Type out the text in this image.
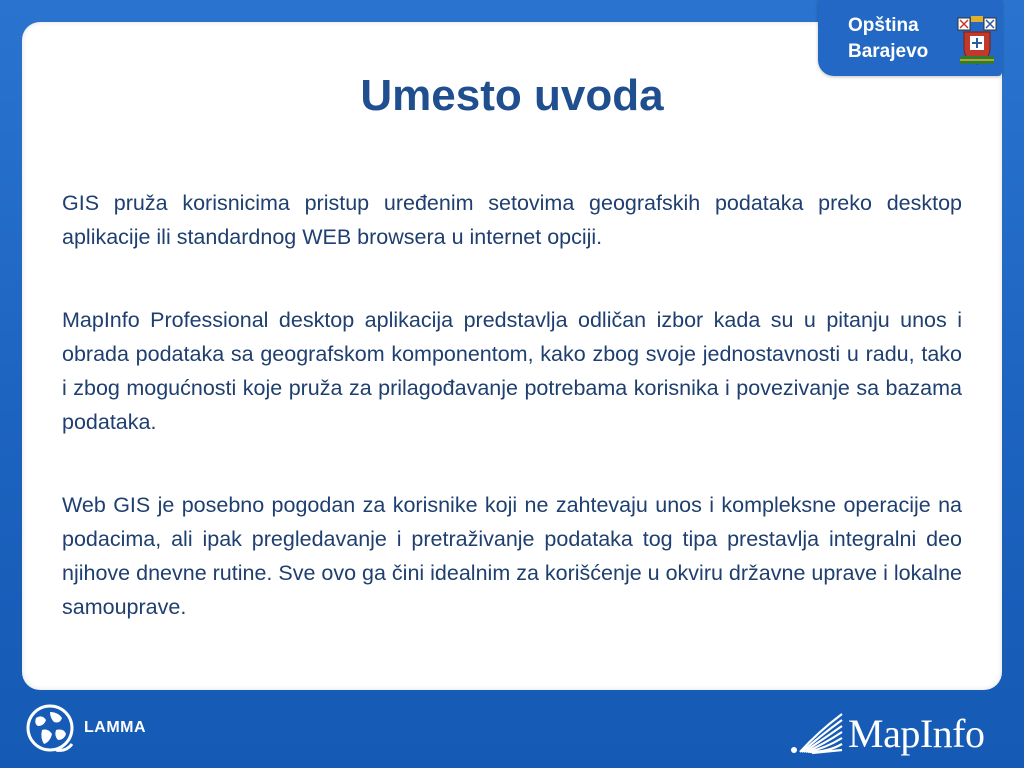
Opština
Barajevo
Umesto uvoda

GIS pruža korisnicima pristup uređenim setovima geografskih podataka preko desktop aplikacije ili standardnog WEB browsera u internet opciji.

MapInfo Professional desktop aplikacija predstavlja odličan izbor kada su u pitanju unos i obrada podataka sa geografskom komponentom, kako zbog svoje jednostavnosti u radu, tako i zbog mogućnosti koje pruža za prilagođavanje potrebama korisnika i povezivanje sa bazama podataka.

Web GIS je posebno pogodan za korisnike koji ne zahtevaju unos i kompleksne operacije na podacima, ali ipak pregledavanje i pretraživanje podataka tog tipa prestavlja integralni deo njihove dnevne rutine. Sve ovo ga čini idealnim za korišćenje u okviru državne uprave i lokalne samouprave.

LAMMA	MapInfo
